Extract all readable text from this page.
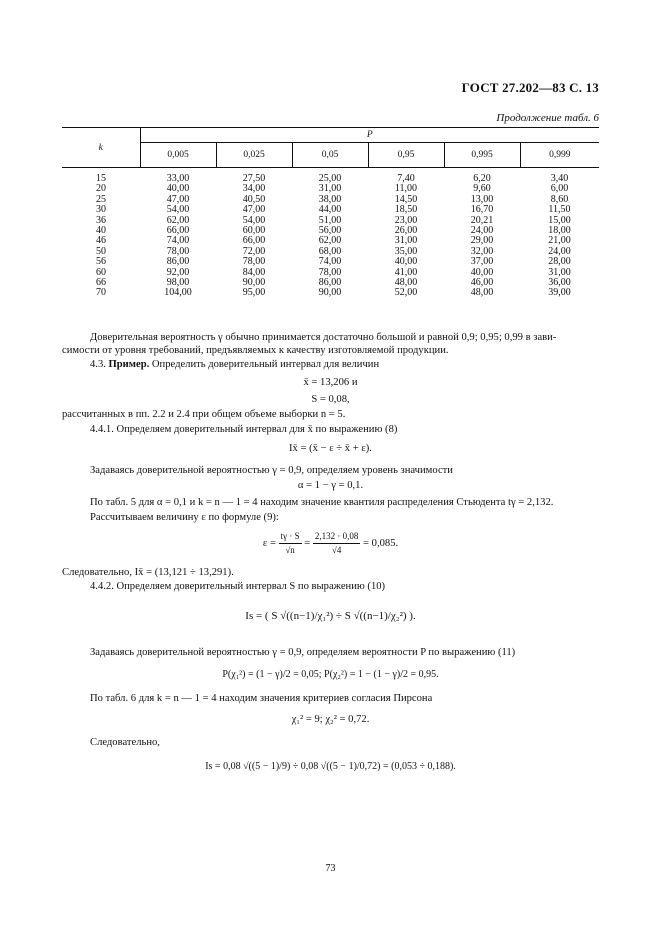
ГОСТ 27.202—83 С. 13
Продолжение табл. 6
k	P					
	0,005	0,025	0,05	0,95	0,995	0,999
15	33,00	27,50	25,00	7,40	6,20	3,40
20	40,00	34,00	31,00	11,00	9,60	6,00
25	47,00	40,50	38,00	14,50	13,00	8,60
30	54,00	47,00	44,00	18,50	16,70	11,50
36	62,00	54,00	51,00	23,00	20,21	15,00
40	66,00	60,00	56,00	26,00	24,00	18,00
46	74,00	66,00	62,00	31,00	29,00	21,00
50	78,00	72,00	68,00	35,00	32,00	24,00
56	86,00	78,00	74,00	40,00	37,00	28,00
60	92,00	84,00	78,00	41,00	40,00	31,00
66	98,00	90,00	86,00	48,00	46,00	36,00
70	104,00	95,00	90,00	52,00	48,00	39,00
Доверительная вероятность γ обычно принимается достаточно большой и равной 0,9; 0,95; 0,99 в зави-
симости от уровня требований, предъявляемых к качеству изготовляемой продукции.
4.3. Пример. Определить доверительный интервал для величин
x̄ = 13,206 и
S = 0,08,
рассчитанных в пп. 2.2 и 2.4 при общем объеме выборки n = 5.
4.4.1. Определяем доверительный интервал для x̄ по выражению (8)
Ix̄ = (x̄ − ε ÷ x̄ + ε).
Задаваясь доверительной вероятностью γ = 0,9, определяем уровень значимости
α = 1 − γ = 0,1.
По табл. 5 для α = 0,1 и k = n — 1 = 4 находим значение квантиля распределения Стьюдента tγ = 2,132.
Рассчитываем величину ε по формуле (9):
$\varepsilon = \frac{t\gamma \cdot S}{√n} = \frac{2,132 \cdot 0,08}{√4} = 0,085$.
Следовательно, Ix̄ = (13,121 ÷ 13,291).
4.4.2. Определяем доверительный интервал S по выражению (10)
Is = ( S √((n−1)/χ₁²) ÷ S √((n−1)/χ₂²) ).
Задаваясь доверительной вероятностью γ = 0,9, определяем вероятности P по выражению (11)
P(χ₁²) = (1 − γ)/2 = 0,05; P(χ₂²) = 1 − (1 − γ)/2 = 0,95.
По табл. 6 для k = n — 1 = 4 находим значения критериев согласия Пирсона
χ₁² = 9; χ₂² = 0,72.
Следовательно,
Is = 0,08 √((5 − 1)/9) ÷ 0,08 √((5 − 1)/0,72) = (0,053 ÷ 0,188).
73
